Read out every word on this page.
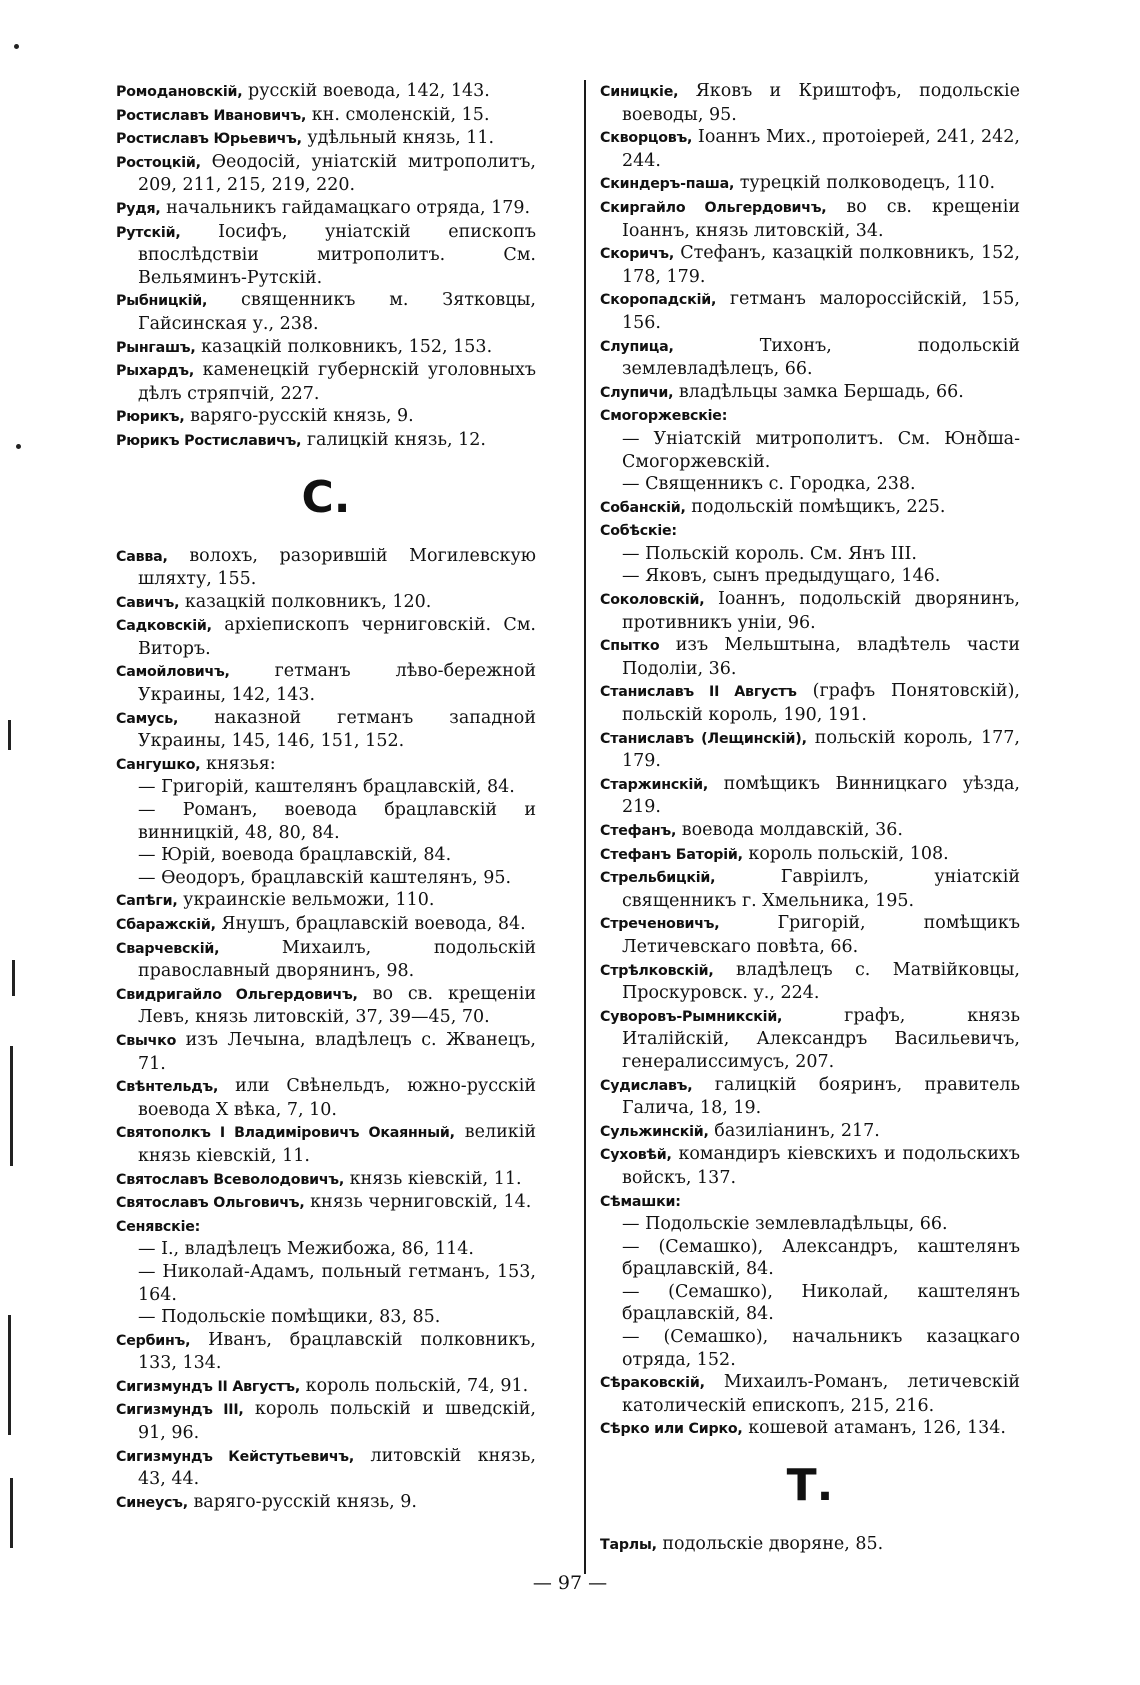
Ромодановскій, русскій воевода, 142, 143.

Ростиславъ Ивановичъ, кн. смоленскій, 15.

Ростиславъ Юрьевичъ, удѣльный князь, 11.

Ростоцкій, Ѳеодосій, уніатскій митрополитъ, 209, 211, 215, 219, 220.

Рудя, начальникъ гайдамацкаго отряда, 179.

Рутскій, Іосифъ, уніатскій епископъ впослѣдствіи митрополитъ. См. Вельяминъ-Рутскій.

Рыбницкій, священникъ м. Зятковцы, Гайсинская у., 238.

Рынгашъ, казацкій полковникъ, 152, 153.

Рыхардъ, каменецкій губернскій уголовныхъ дѣлъ стряпчій, 227.

Рюрикъ, варяго-русскій князь, 9.

Рюрикъ Ростиславичъ, галицкій князь, 12.

С.

Савва, волохъ, разорившій Могилевскую шляхту, 155.

Савичъ, казацкій полковникъ, 120.

Садковскій, архіепископъ черниговскій. См. Виторъ.

Самойловичъ, гетманъ лѣво-бережной Украины, 142, 143.

Самусь, наказной гетманъ западной Украины, 145, 146, 151, 152.

Сангушко, князья:

— Григорій, каштелянъ брацлавскій, 84.

— Романъ, воевода брацлавскій и винницкій, 48, 80, 84.

— Юрій, воевода брацлавскій, 84.

— Ѳеодоръ, брацлавскій каштелянъ, 95.

Сапѣги, украинскіе вельможи, 110.

Сбаражскій, Янушъ, брацлавскій воевода, 84.

Сварчевскій, Михаилъ, подольскій православный дворянинъ, 98.

Свидригайло Ольгердовичъ, во св. крещеніи Левъ, князь литовскій, 37, 39—45, 70.

Свычко изъ Лечына, владѣлецъ с. Жванецъ, 71.

Свѣнтельдъ, или Свѣнельдъ, южно-русскій воевода X вѣка, 7, 10.

Святополкъ I Владиміровичъ Окаянный, великій князь кіевскій, 11.

Святославъ Всеволодовичъ, князь кіевскій, 11.

Святославъ Ольговичъ, князь черниговскій, 14.

Сенявскіе:

— I., владѣлецъ Межибожа, 86, 114.

— Николай-Адамъ, польный гетманъ, 153, 164.

— Подольскіе помѣщики, 83, 85.

Сербинъ, Иванъ, брацлавскій полковникъ, 133, 134.

Сигизмундъ II Августъ, король польскій, 74, 91.

Сигизмундъ III, король польскій и шведскій, 91, 96.

Сигизмундъ Кейстутьевичъ, литовскій князь, 43, 44.

Синеусъ, варяго-русскій князь, 9.

Синицкіе, Яковъ и Криштофъ, подольскіе воеводы, 95.

Скворцовъ, Іоаннъ Мих., протоіерей, 241, 242, 244.

Скиндеръ-паша, турецкій полководецъ, 110.

Скиргайло Ольгердовичъ, во св. крещеніи Іоаннъ, князь литовскій, 34.

Скоричъ, Стефанъ, казацкій полковникъ, 152, 178, 179.

Скоропадскій, гетманъ малороссійскій, 155, 156.

Слупица, Тихонъ, подольскій землевладѣлецъ, 66.

Слупичи, владѣльцы замка Бершадь, 66.

Смогоржевскіе:

— Уніатскій митрополитъ. См. Юнðша-Смогоржевскій.

— Священникъ с. Городка, 238.

Собанскій, подольскій помѣщикъ, 225.

Собѣскіе:

— Польскій король. См. Янъ III.

— Яковъ, сынъ предыдущаго, 146.

Соколовскій, Іоаннъ, подольскій дворянинъ, противникъ уніи, 96.

Спытко изъ Мельштына, владѣтель части Подоліи, 36.

Станиславъ II Августъ (графъ Понятовскій), польскій король, 190, 191.

Станиславъ (Лещинскій), польскій король, 177, 179.

Старжинскій, помѣщикъ Винницкаго уѣзда, 219.

Стефанъ, воевода молдавскій, 36.

Стефанъ Баторій, король польскій, 108.

Стрельбицкій, Гавріилъ, уніатскій священникъ г. Хмельника, 195.

Стреченовичъ, Григорій, помѣщикъ Летичевскаго повѣта, 66.

Стрѣлковскій, владѣлецъ с. Матвійковцы, Проскуровск. у., 224.

Суворовъ-Рымникскій, графъ, князь Италійскій, Александръ Васильевичъ, генералиссимусъ, 207.

Судиславъ, галицкій бояринъ, правитель Галича, 18, 19.

Сульжинскій, базиліанинъ, 217.

Суховѣй, командиръ кіевскихъ и подольскихъ войскъ, 137.

Сѣмашки:

— Подольскіе землевладѣльцы, 66.

— (Семашко), Александръ, каштелянъ брацлавскій, 84.

— (Семашко), Николай, каштелянъ брацлавскій, 84.

— (Семашко), начальникъ казацкаго отряда, 152.

Сѣраковскій, Михаилъ-Романъ, летичевскій католическій епископъ, 215, 216.

Сѣрко или Сирко, кошевой атаманъ, 126, 134.

Т.

Тарлы, подольскіе дворяне, 85.

— 97 —
